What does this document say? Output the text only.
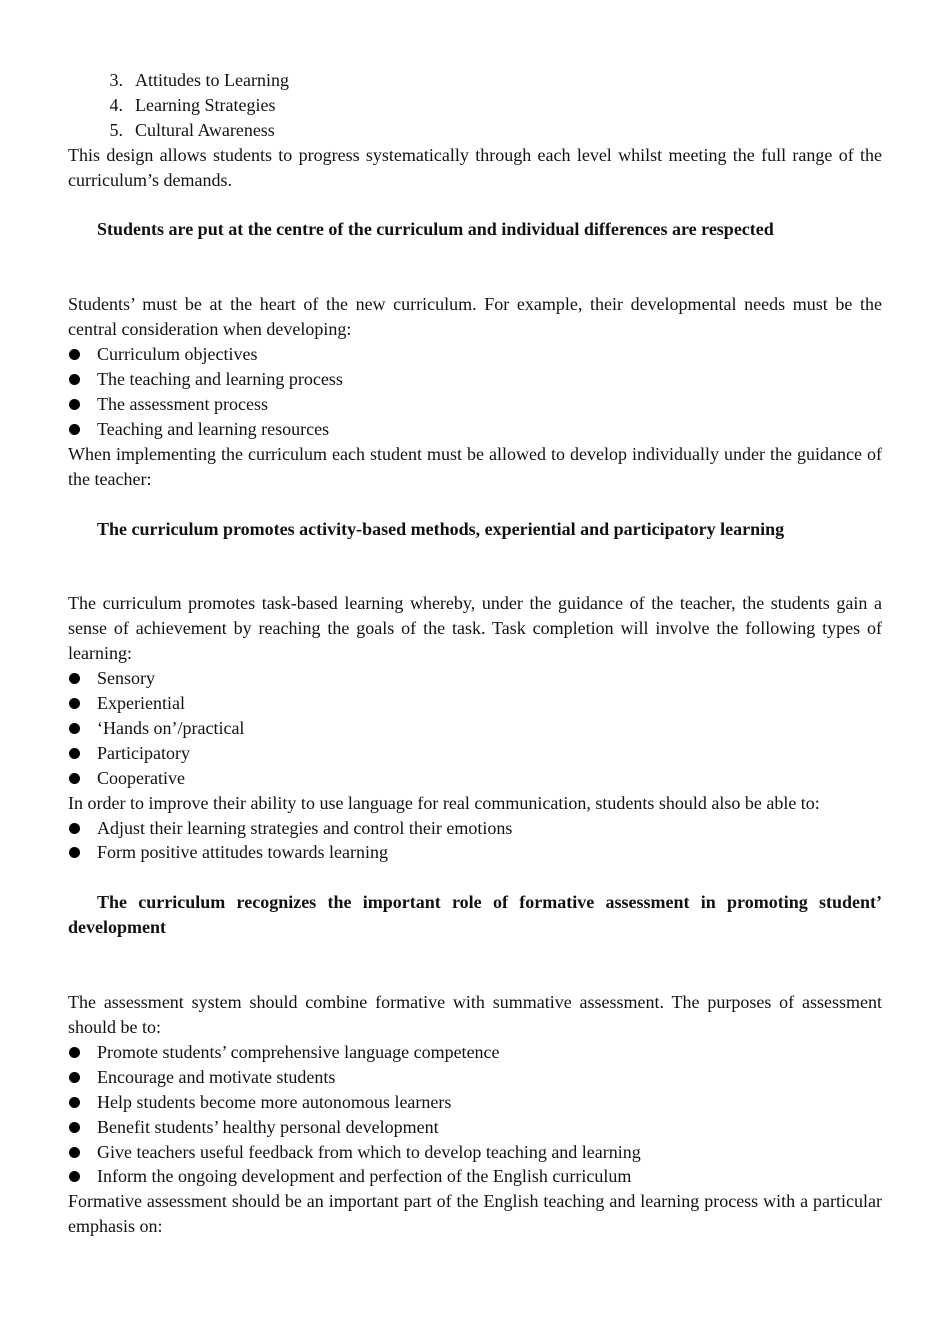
3. Attitudes to Learning
4. Learning Strategies
5. Cultural Awareness

This design allows students to progress systematically through each level whilst meeting the full range of the curriculum’s demands.

Students are put at the centre of the curriculum and individual differences are respected

Students’ must be at the heart of the new curriculum. For example, their developmental needs must be the central consideration when developing:

Curriculum objectives
The teaching and learning process
The assessment process
Teaching and learning resources

When implementing the curriculum each student must be allowed to develop individually under the guidance of the teacher:

The curriculum promotes activity-based methods, experiential and participatory learning

The curriculum promotes task-based learning whereby, under the guidance of the teacher, the students gain a sense of achievement by reaching the goals of the task. Task completion will involve the following types of learning:

Sensory
Experiential
‘Hands on’/practical
Participatory
Cooperative

In order to improve their ability to use language for real communication, students should also be able to:

Adjust their learning strategies and control their emotions
Form positive attitudes towards learning

The curriculum recognizes the important role of formative assessment in promoting student’ development

The assessment system should combine formative with summative assessment. The purposes of assessment should be to:

Promote students’ comprehensive language competence
Encourage and motivate students
Help students become more autonomous learners
Benefit students’ healthy personal development
Give teachers useful feedback from which to develop teaching and learning
Inform the ongoing development and perfection of the English curriculum

Formative assessment should be an important part of the English teaching and learning process with a particular emphasis on:
